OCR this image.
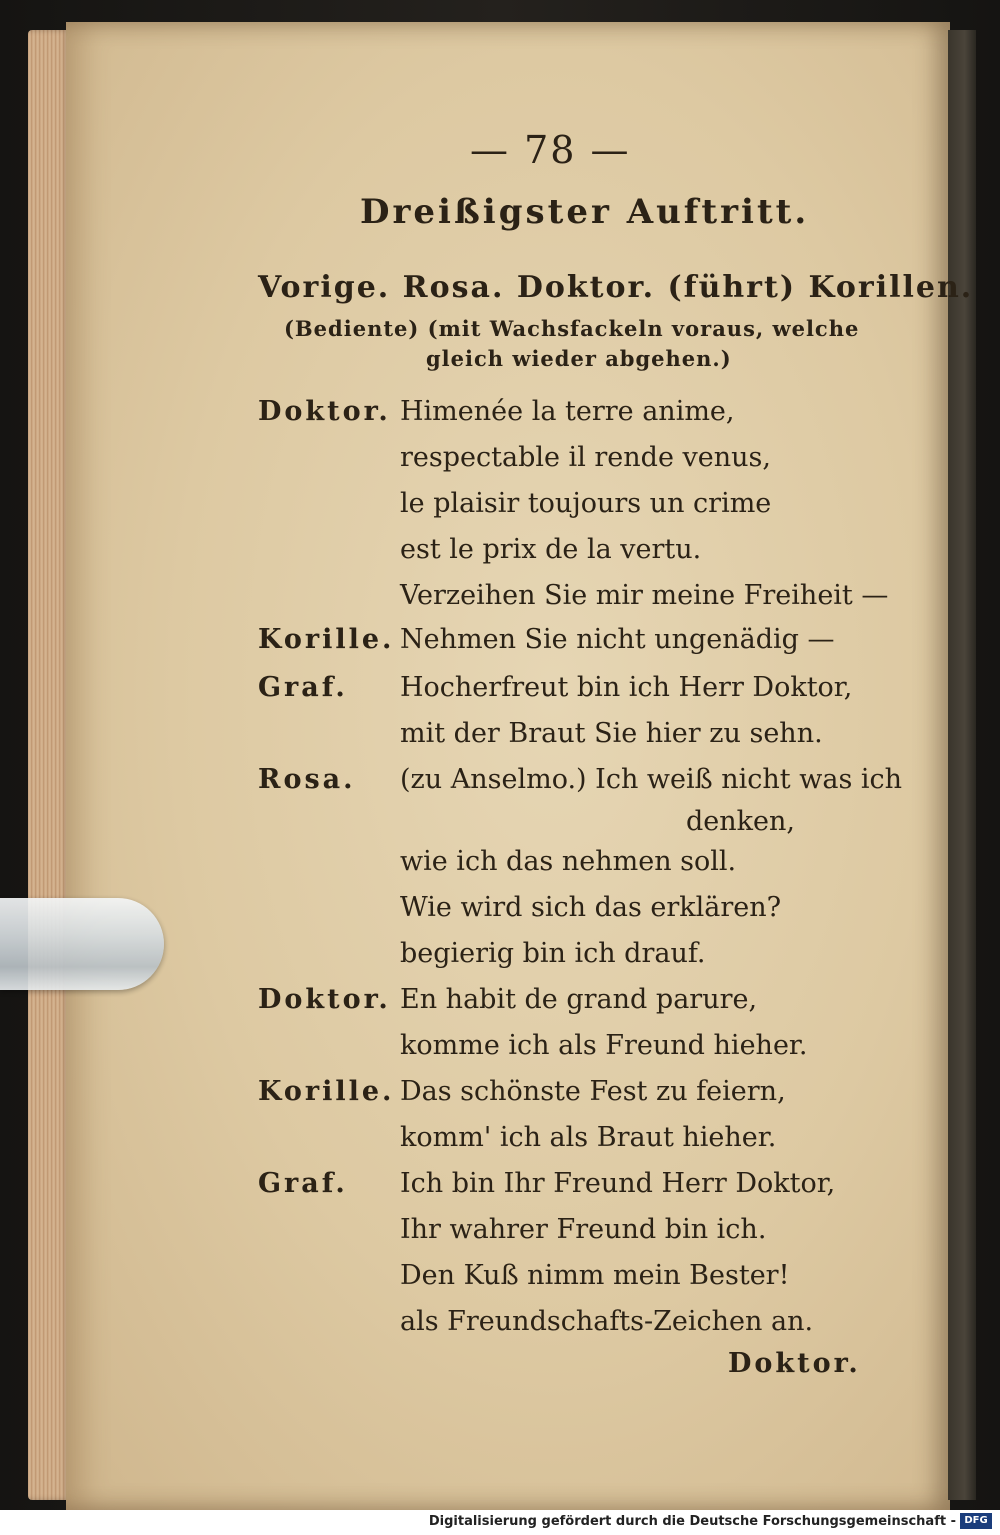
— 78 —
Dreißigster Auftritt.
Vorige. Rosa. Doktor. (führt) Korillen.
(Bediente) (mit Wachsfackeln voraus, welche
gleich wieder abgehen.)
Doktor. Himenée la terre anime,
respectable il rende venus,
le plaisir toujours un crime
est le prix de la vertu.
Verzeihen Sie mir meine Freiheit —
Korille. Nehmen Sie nicht ungenädig —
Graf. Hocherfreut bin ich Herr Doktor,
mit der Braut Sie hier zu sehn.
Rosa. (zu Anselmo.) Ich weiß nicht was ich
denken,
wie ich das nehmen soll.
Wie wird sich das erklären?
begierig bin ich drauf.
Doktor. En habit de grand parure,
komme ich als Freund hieher.
Korille. Das schönste Fest zu feiern,
komm' ich als Braut hieher.
Graf. Ich bin Ihr Freund Herr Doktor,
Ihr wahrer Freund bin ich.
Den Kuß nimm mein Bester!
als Freundschafts-Zeichen an.
Doktor.
Digitalisierung gefördert durch die Deutsche Forschungsgemeinschaft - DFG
